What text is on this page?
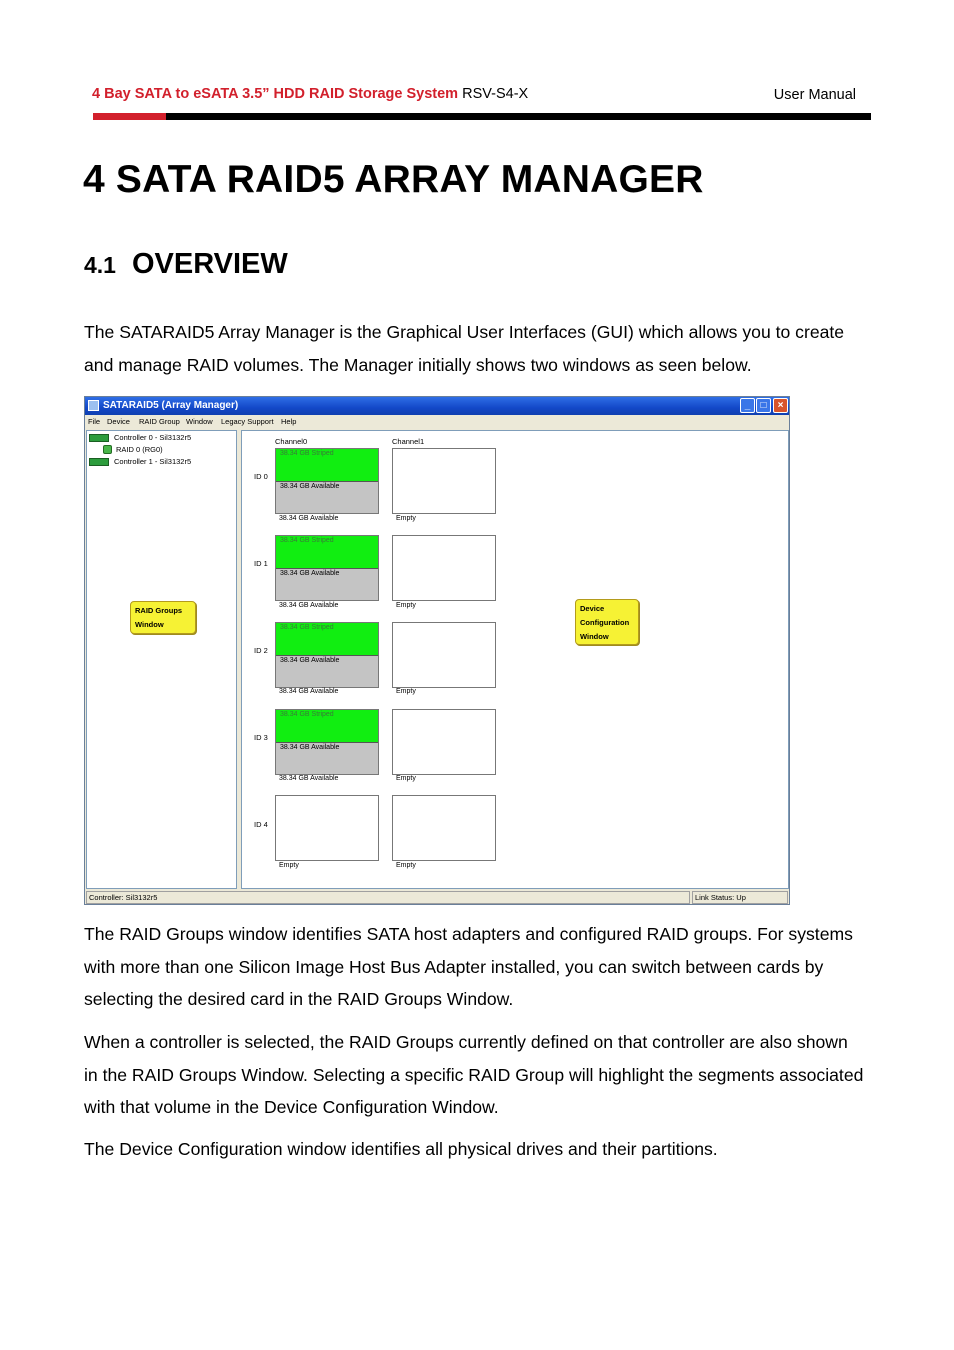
4 Bay SATA to eSATA 3.5” HDD RAID Storage System RSV-S4-X	User Manual
4 SATA RAID5 ARRAY MANAGER
4.1 OVERVIEW

The SATARAID5 Array Manager is the Graphical User Interfaces (GUI) which allows you to create and manage RAID volumes. The Manager initially shows two windows as seen below.

SATARAID5 (Array Manager)	_	□	×
File Device RAID Group Window Legacy Support Help
Controller 0 - Sil3132r5
RAID 0 (RG0)
Controller 1 - Sil3132r5
RAID Groups
Window
Channel0	Channel1
ID 0
38.34 GB Striped
38.34 GB Available
38.34 GB Available	Empty
ID 1
38.34 GB Striped
38.34 GB Available
38.34 GB Available	Empty
ID 2
38.34 GB Striped
38.34 GB Available
38.34 GB Available	Empty
ID 3
38.34 GB Striped
38.34 GB Available
38.34 GB Available	Empty
ID 4
Empty	Empty
Device
Configuration
Window
Controller: Sil3132r5	Link Status: Up

The RAID Groups window identifies SATA host adapters and configured RAID groups. For systems with more than one Silicon Image Host Bus Adapter installed, you can switch between cards by selecting the desired card in the RAID Groups Window.

When a controller is selected, the RAID Groups currently defined on that controller are also shown in the RAID Groups Window. Selecting a specific RAID Group will highlight the segments associated with that volume in the Device Configuration Window.

The Device Configuration window identifies all physical drives and their partitions.
